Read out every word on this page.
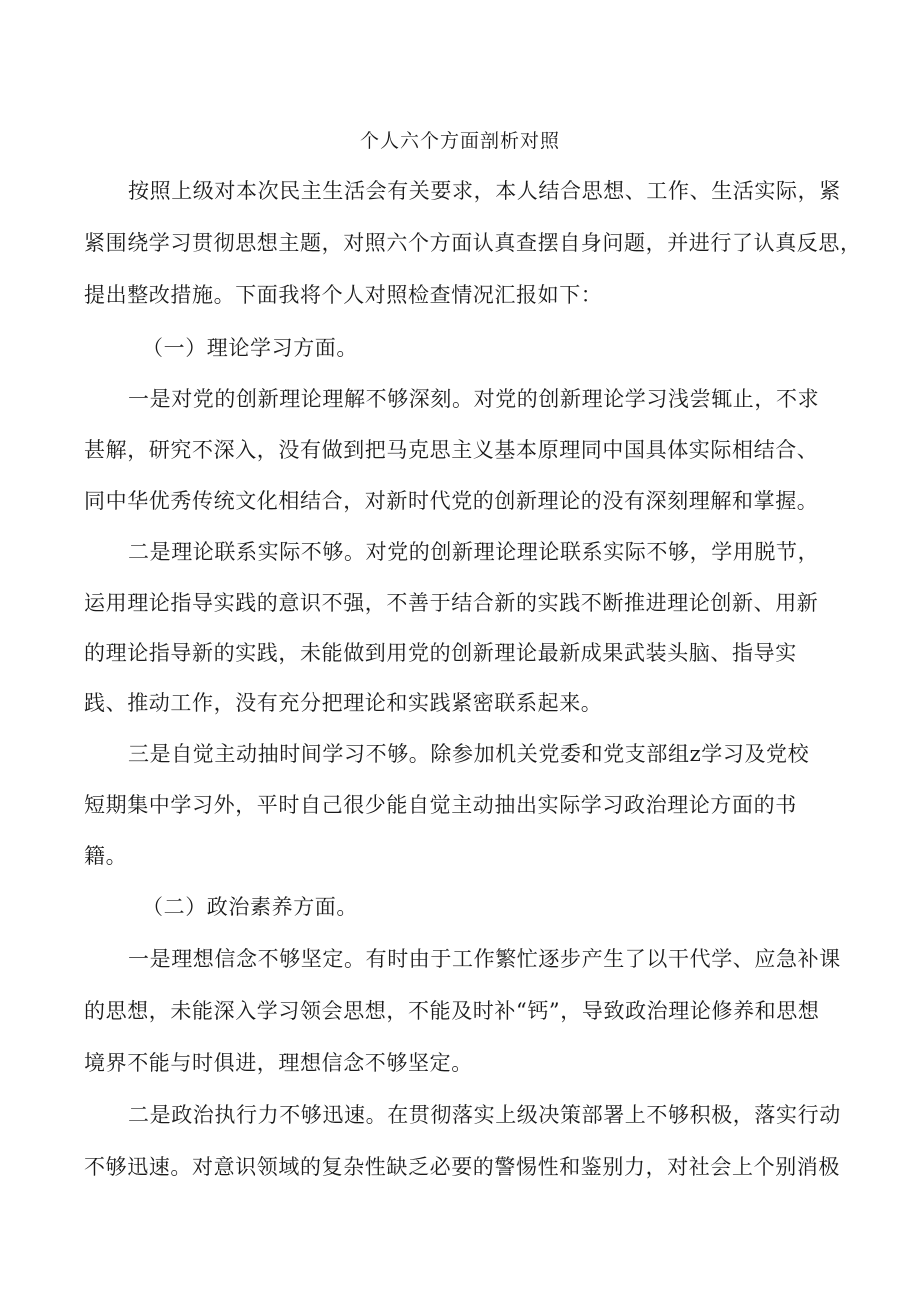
个人六个方面剖析对照
按照上级对本次民主生活会有关要求，本人结合思想、工作、生活实际，紧
紧围绕学习贯彻思想主题，对照六个方面认真查摆自身问题，并进行了认真反思，
提出整改措施。下面我将个人对照检查情况汇报如下：
（一）理论学习方面。
一是对党的创新理论理解不够深刻。对党的创新理论学习浅尝辄止，不求
甚解，研究不深入，没有做到把马克思主义基本原理同中国具体实际相结合、
同中华优秀传统文化相结合，对新时代党的创新理论的没有深刻理解和掌握。
二是理论联系实际不够。对党的创新理论理论联系实际不够，学用脱节，
运用理论指导实践的意识不强，不善于结合新的实践不断推进理论创新、用新
的理论指导新的实践，未能做到用党的创新理论最新成果武装头脑、指导实
践、推动工作，没有充分把理论和实践紧密联系起来。
三是自觉主动抽时间学习不够。除参加机关党委和党支部组z学习及党校
短期集中学习外，平时自己很少能自觉主动抽出实际学习政治理论方面的书
籍。
（二）政治素养方面。
一是理想信念不够坚定。有时由于工作繁忙逐步产生了以干代学、应急补课
的思想，未能深入学习领会思想，不能及时补“钙”，导致政治理论修养和思想
境界不能与时俱进，理想信念不够坚定。
二是政治执行力不够迅速。在贯彻落实上级决策部署上不够积极，落实行动
不够迅速。对意识领域的复杂性缺乏必要的警惕性和鉴别力，对社会上个别消极
